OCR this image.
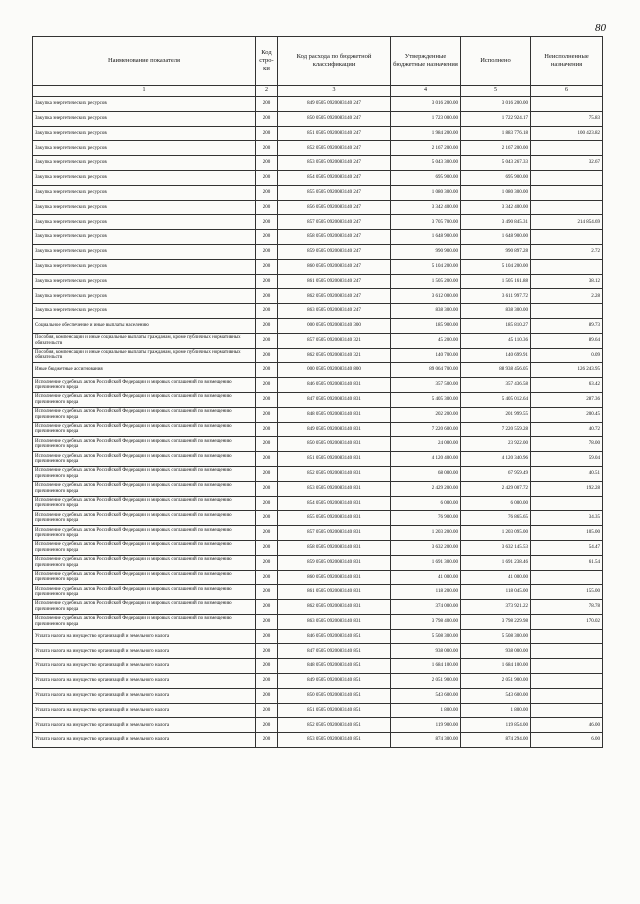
80
Наименование показателя	Код стро- ки	Код расхода по бюджетной классификации	Утвержденные бюджетные назначения	Исполнено	Неисполненные назначения
1	2	3	4	5	6
Закупка энергетических ресурсов	200	849 0505 0920083140 247	3 016 200.00	3 016 200.00	
Закупка энергетических ресурсов	200	850 0505 0920083140 247	1 723 000.00	1 722 924.17	75.83
Закупка энергетических ресурсов	200	851 0505 0920083140 247	1 984 200.00	1 883 776.18	100 423.82
Закупка энергетических ресурсов	200	852 0505 0920083140 247	2 167 200.00	2 167 200.00	
Закупка энергетических ресурсов	200	853 0505 0920083140 247	5 043 300.00	5 043 267.33	32.67
Закупка энергетических ресурсов	200	854 0505 0920083140 247	695 900.00	695 900.00	
Закупка энергетических ресурсов	200	855 0505 0920083140 247	1 080 300.00	1 080 300.00	
Закупка энергетических ресурсов	200	856 0505 0920083140 247	3 342 400.00	3 342 400.00	
Закупка энергетических ресурсов	200	857 0505 0920083140 247	3 705 700.00	3 490 845.31	214 854.69
Закупка энергетических ресурсов	200	858 0505 0920083140 247	1 648 900.00	1 648 900.00	
Закупка энергетических ресурсов	200	859 0505 0920083140 247	990 900.00	990 897.28	2.72
Закупка энергетических ресурсов	200	860 0505 0920083140 247	5 104 200.00	5 104 200.00	
Закупка энергетических ресурсов	200	861 0505 0920083140 247	1 505 200.00	1 505 161.88	38.12
Закупка энергетических ресурсов	200	862 0505 0920083140 247	3 612 000.00	3 611 997.72	2.28
Закупка энергетических ресурсов	200	863 0505 0920083140 247	838 300.00	838 300.00	
Социальное обеспечение и иные выплаты населению	200	000 0505 0920083140 300	185 900.00	185 810.27	89.73
Пособия, компенсации и иные социальные выплаты гражданам, кроме публичных нормативных обязательств	200	857 0505 0920083140 321	45 200.00	45 110.36	89.64
Пособия, компенсации и иные социальные выплаты гражданам, кроме публичных нормативных обязательств	200	862 0505 0920083140 321	140 700.00	140 699.91	0.09
Иные бюджетные ассигнования	200	000 0505 0920083140 800	89 064 700.00	88 938 456.05	126 243.95
Исполнение судебных актов Российской Федерации и мировых соглашений по возмещению причиненного вреда	200	846 0505 0920083140 831	357 500.00	357 436.58	63.42
Исполнение судебных актов Российской Федерации и мировых соглашений по возмещению причиненного вреда	200	847 0505 0920083140 831	5 405 300.00	5 405 012.64	287.36
Исполнение судебных актов Российской Федерации и мировых соглашений по возмещению причиненного вреда	200	848 0505 0920083140 831	202 200.00	201 999.55	200.45
Исполнение судебных актов Российской Федерации и мировых соглашений по возмещению причиненного вреда	200	849 0505 0920083140 831	7 220 600.00	7 220 559.28	40.72
Исполнение судебных актов Российской Федерации и мировых соглашений по возмещению причиненного вреда	200	850 0505 0920083140 831	24 000.00	23 922.00	78.00
Исполнение судебных актов Российской Федерации и мировых соглашений по возмещению причиненного вреда	200	851 0505 0920083140 831	4 120 400.00	4 120 340.96	59.04
Исполнение судебных актов Российской Федерации и мировых соглашений по возмещению причиненного вреда	200	852 0505 0920083140 831	68 000.00	67 959.49	40.51
Исполнение судебных актов Российской Федерации и мировых соглашений по возмещению причиненного вреда	200	853 0505 0920083140 831	2 429 200.00	2 429 007.72	192.28
Исполнение судебных актов Российской Федерации и мировых соглашений по возмещению причиненного вреда	200	854 0505 0920083140 831	6 000.00	6 000.00	
Исполнение судебных актов Российской Федерации и мировых соглашений по возмещению причиненного вреда	200	855 0505 0920083140 831	76 900.00	76 865.65	34.35
Исполнение судебных актов Российской Федерации и мировых соглашений по возмещению причиненного вреда	200	857 0505 0920083140 831	1 203 200.00	1 203 095.00	105.00
Исполнение судебных актов Российской Федерации и мировых соглашений по возмещению причиненного вреда	200	858 0505 0920083140 831	3 632 200.00	3 632 145.53	54.47
Исполнение судебных актов Российской Федерации и мировых соглашений по возмещению причиненного вреда	200	859 0505 0920083140 831	1 691 300.00	1 691 238.46	61.54
Исполнение судебных актов Российской Федерации и мировых соглашений по возмещению причиненного вреда	200	860 0505 0920083140 831	41 000.00	41 000.00	
Исполнение судебных актов Российской Федерации и мировых соглашений по возмещению причиненного вреда	200	861 0505 0920083140 831	118 200.00	118 045.00	155.00
Исполнение судебных актов Российской Федерации и мировых соглашений по возмещению причиненного вреда	200	862 0505 0920083140 831	374 000.00	373 921.22	78.78
Исполнение судебных актов Российской Федерации и мировых соглашений по возмещению причиненного вреда	200	863 0505 0920083140 831	3 798 400.00	3 798 229.98	170.02
Уплата налога на имущество организаций и земельного налога	200	846 0505 0920083140 851	5 508 300.00	5 508 300.00	
Уплата налога на имущество организаций и земельного налога	200	847 0505 0920083140 851	938 000.00	938 000.00	
Уплата налога на имущество организаций и земельного налога	200	848 0505 0920083140 851	1 684 100.00	1 684 100.00	
Уплата налога на имущество организаций и земельного налога	200	849 0505 0920083140 851	2 051 900.00	2 051 900.00	
Уплата налога на имущество организаций и земельного налога	200	850 0505 0920083140 851	543 600.00	543 600.00	
Уплата налога на имущество организаций и земельного налога	200	851 0505 0920083140 851	1 800.00	1 800.00	
Уплата налога на имущество организаций и земельного налога	200	852 0505 0920083140 851	119 900.00	119 854.00	46.00
Уплата налога на имущество организаций и земельного налога	200	853 0505 0920083140 851	874 300.00	874 294.00	6.00
